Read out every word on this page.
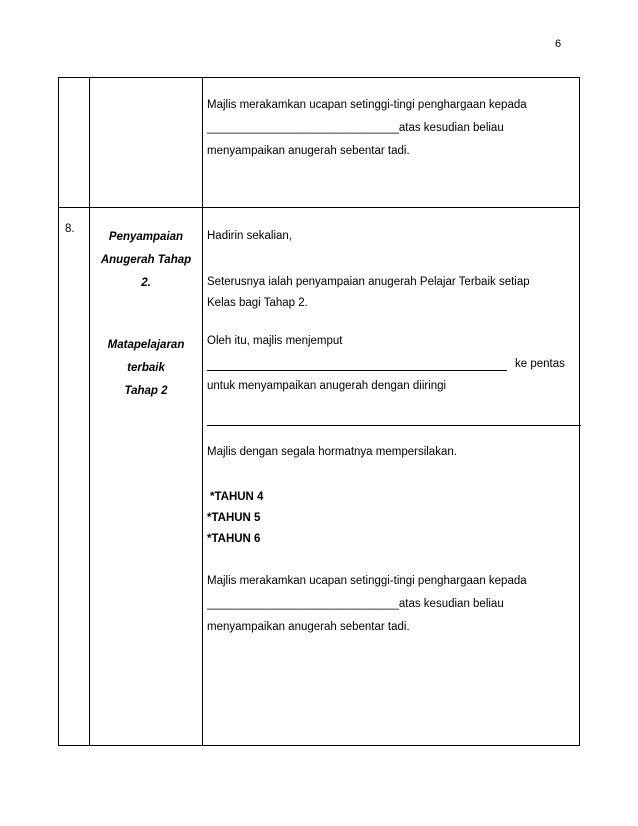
6
Majlis merakamkan ucapan setinggi-tingi penghargaan kepada
______________________________atas kesudian beliau
menyampaikan anugerah sebentar tadi.
8.
Penyampaian
Anugerah Tahap
2.
Matapelajaran
terbaik
Tahap 2
Hadirin sekalian,
Seterusnya ialah penyampaian anugerah Pelajar Terbaik setiap
Kelas bagi Tahap 2.
Oleh itu, majlis menjemput
ke pentas
untuk menyampaikan anugerah dengan diiringi
Majlis dengan segala hormatnya mempersilakan.
*TAHUN 4
*TAHUN 5
*TAHUN 6
Majlis merakamkan ucapan setinggi-tingi penghargaan kepada
______________________________atas kesudian beliau
menyampaikan anugerah sebentar tadi.
